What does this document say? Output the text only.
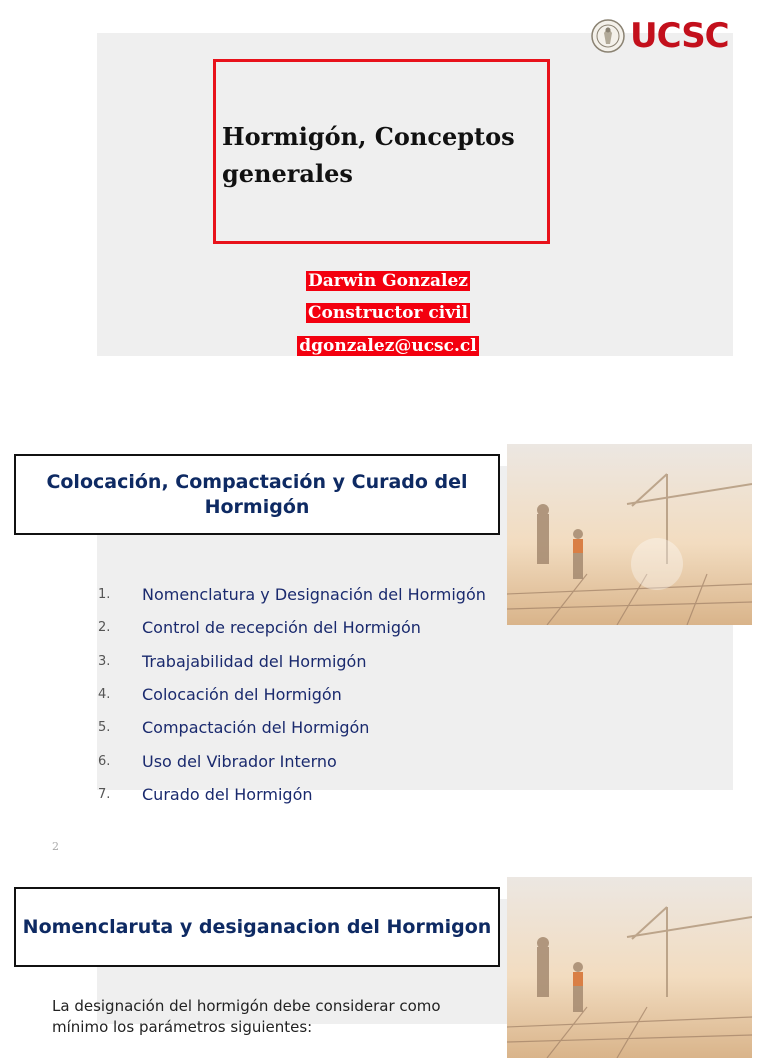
UCSC
Hormigón, Conceptos generales
Darwin Gonzalez
Constructor civil
dgonzalez@ucsc.cl
Colocación, Compactación y Curado del Hormigón
1.	Nomenclatura y Designación del Hormigón
2.	Control de recepción del Hormigón
3.	Trabajabilidad del Hormigón
4.	Colocación del Hormigón
5.	Compactación del Hormigón
6.	Uso del Vibrador Interno
7.	Curado del Hormigón
2
Nomenclaruta y desiganacion del Hormigon
La designación del hormigón debe considerar como mínimo los parámetros siguientes:
